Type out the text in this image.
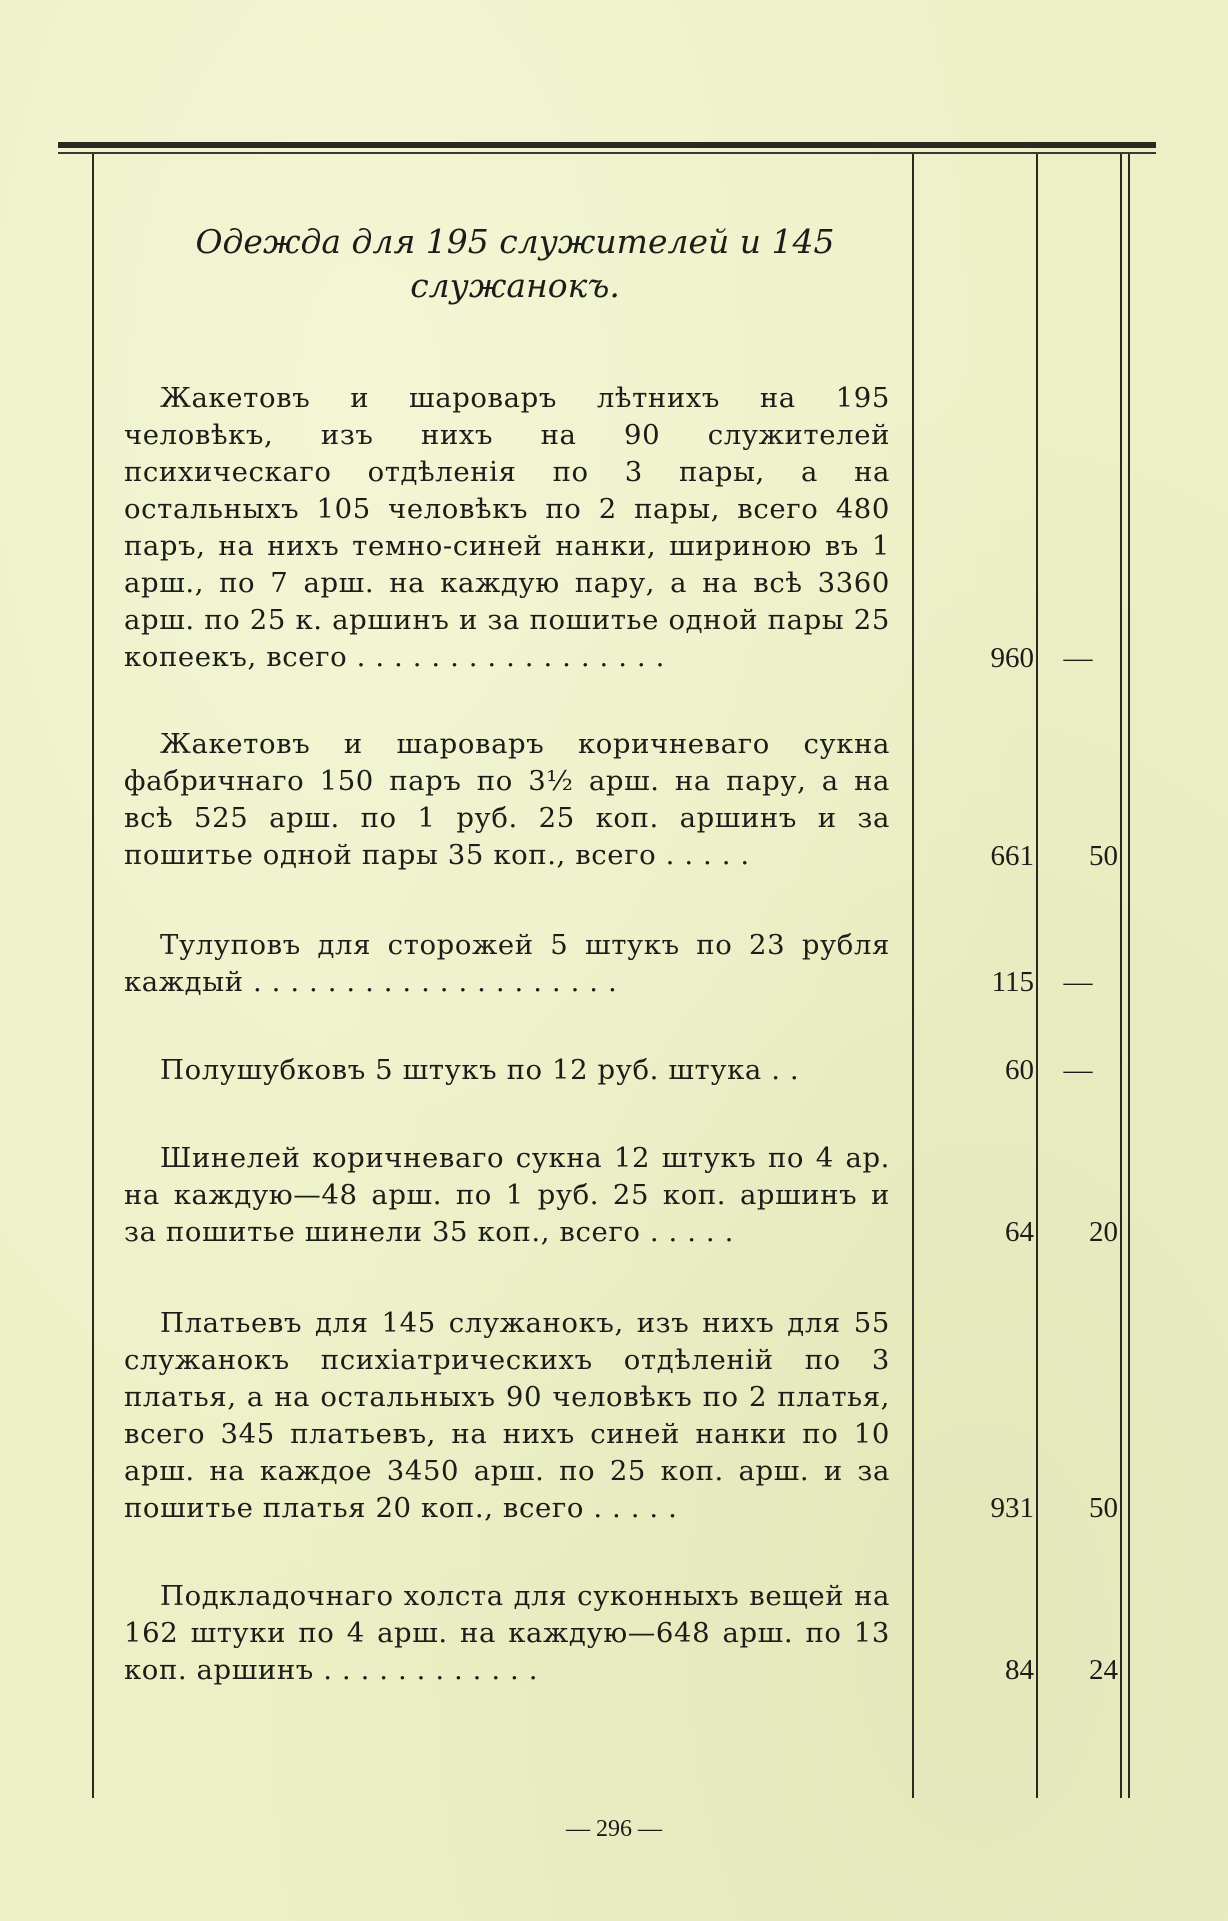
Одежда для 195 служителей и 145 служанокъ.
Жакетовъ и шароваръ лѣтнихъ на 195 человѣкъ, изъ нихъ на 90 служителей психическаго отдѣленія по 3 пары, а на остальныхъ 105 человѣкъ по 2 пары, всего 480 паръ, на нихъ темно-синей нанки, шириною въ 1 арш., по 7 арш. на каждую пару, а на всѣ 3360 арш. по 25 к. аршинъ и за пошитье одной пары 25 копеекъ, всего . . . . . . . . . . . . . . . . .	960	—
Жакетовъ и шароваръ коричневаго сукна фабричнаго 150 паръ по 3½ арш. на пару, а на всѣ 525 арш. по 1 руб. 25 коп. аршинъ и за пошитье одной пары 35 коп., всего . . . . .	661	50
Тулуповъ для сторожей 5 штукъ по 23 рубля каждый . . . . . . . . . . . . . . . . . . . .	115	—
Полушубковъ 5 штукъ по 12 руб. штука . .	60	—
Шинелей коричневаго сукна 12 штукъ по 4 ар. на каждую—48 арш. по 1 руб. 25 коп. аршинъ и за пошитье шинели 35 коп., всего . . . . .	64	20
Платьевъ для 145 служанокъ, изъ нихъ для 55 служанокъ психіатрическихъ отдѣленій по 3 платья, а на остальныхъ 90 человѣкъ по 2 платья, всего 345 платьевъ, на нихъ синей нанки по 10 арш. на каждое 3450 арш. по 25 коп. арш. и за пошитье платья 20 коп., всего . . . . .	931	50
Подкладочнаго холста для суконныхъ вещей на 162 штуки по 4 арш. на каждую—648 арш. по 13 коп. аршинъ . . . . . . . . . . . .	84	24
— 296 —
